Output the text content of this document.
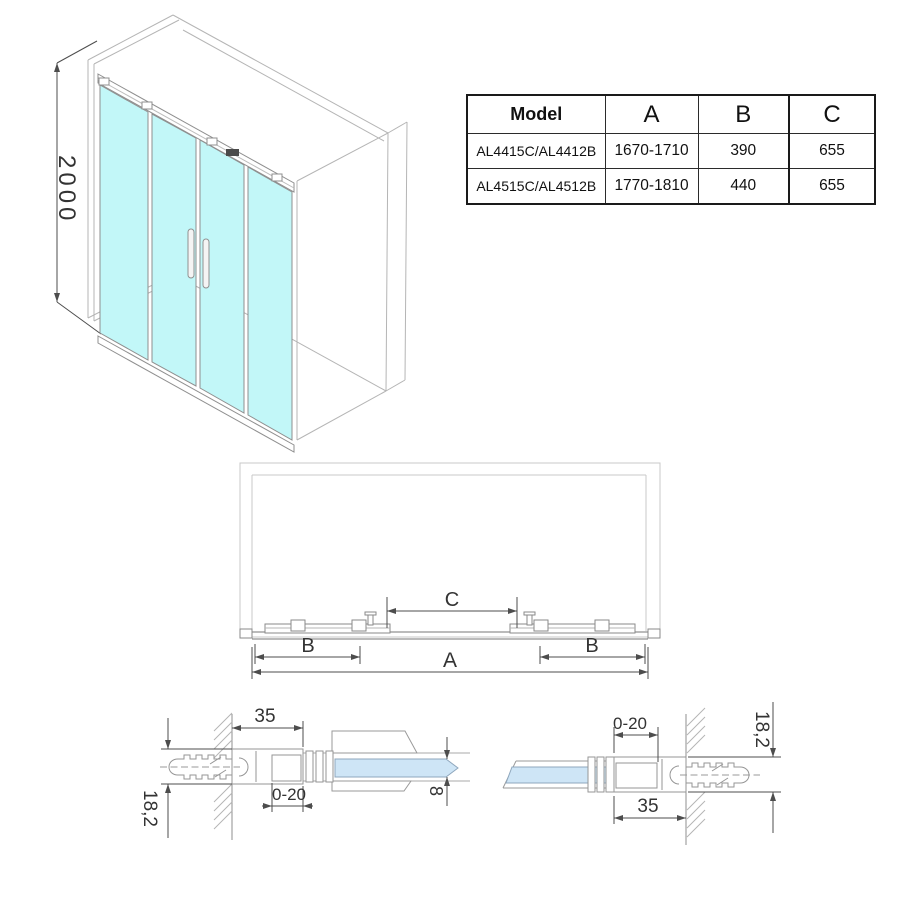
2000
Model	A	B	C
AL4415C/AL4412B	1670-1710	390	655
AL4515C/AL4512B	1770-1810	440	655
C
B	B
A
35
0-20
18,2	8
0-20
35
18,2
